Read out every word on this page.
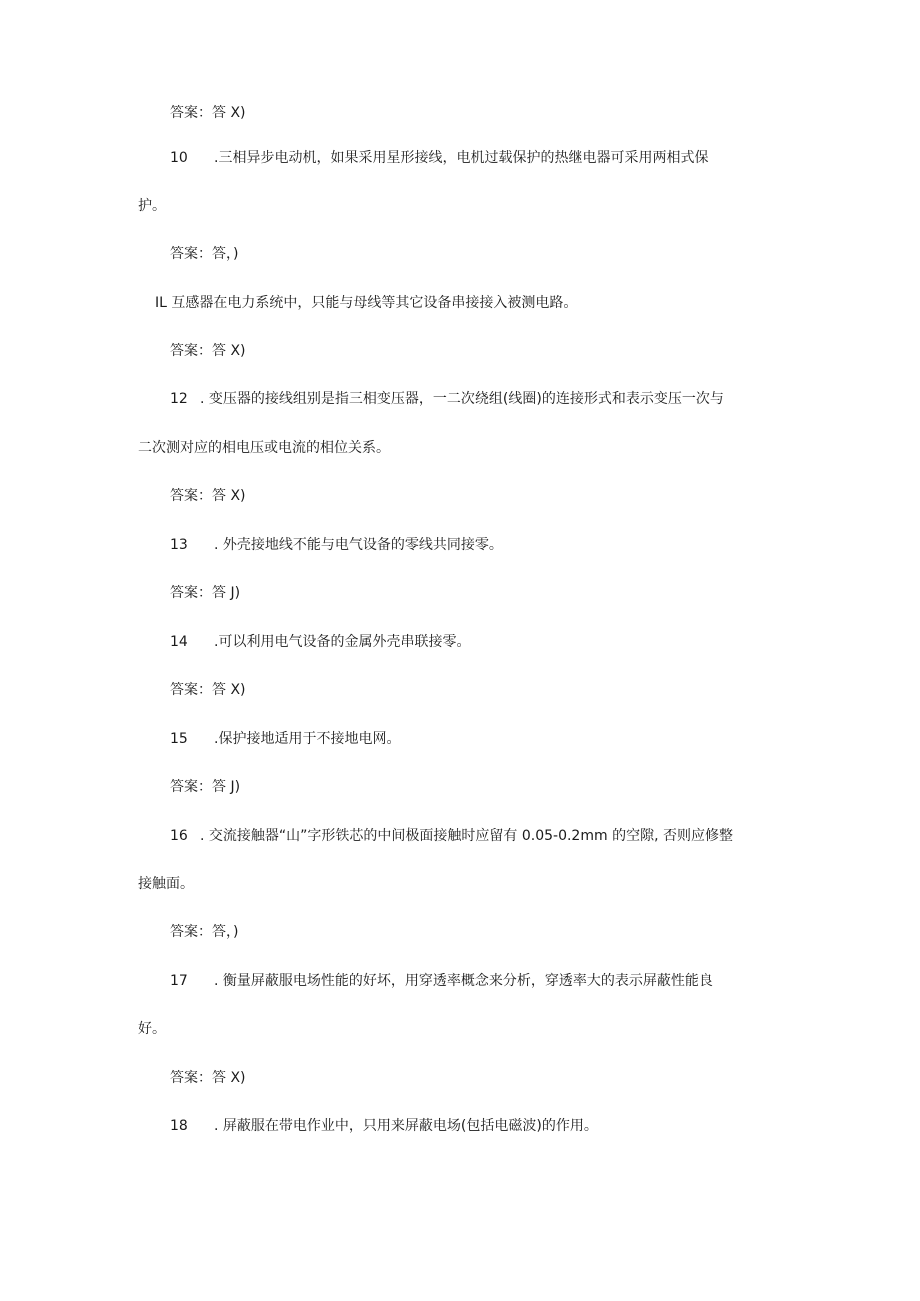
答案：答 X)
10 .三相异步电动机，如果采用星形接线，电机过载保护的热继电器可采用两相式保
护。
答案：答，)
IL 互感器在电力系统中，只能与母线等其它设备串接接入被测电路。
答案：答 X)
12 . 变压器的接线组别是指三相变压器，一二次绕组(线圈)的连接形式和表示变压一次与
二次测对应的相电压或电流的相位关系。
答案：答 X)
13 . 外壳接地线不能与电气设备的零线共同接零。
答案：答 J)
14 .可以利用电气设备的金属外壳串联接零。
答案：答 X)
15 .保护接地适用于不接地电网。
答案：答 J)
16 . 交流接触器“山”字形铁芯的中间极面接触时应留有 0.05-0.2mm 的空隙, 否则应修整
接触面。
答案：答，)
17 . 衡量屏蔽服电场性能的好坏，用穿透率概念来分析，穿透率大的表示屏蔽性能良
好。
答案：答 X)
18 . 屏蔽服在带电作业中，只用来屏蔽电场(包括电磁波)的作用。
